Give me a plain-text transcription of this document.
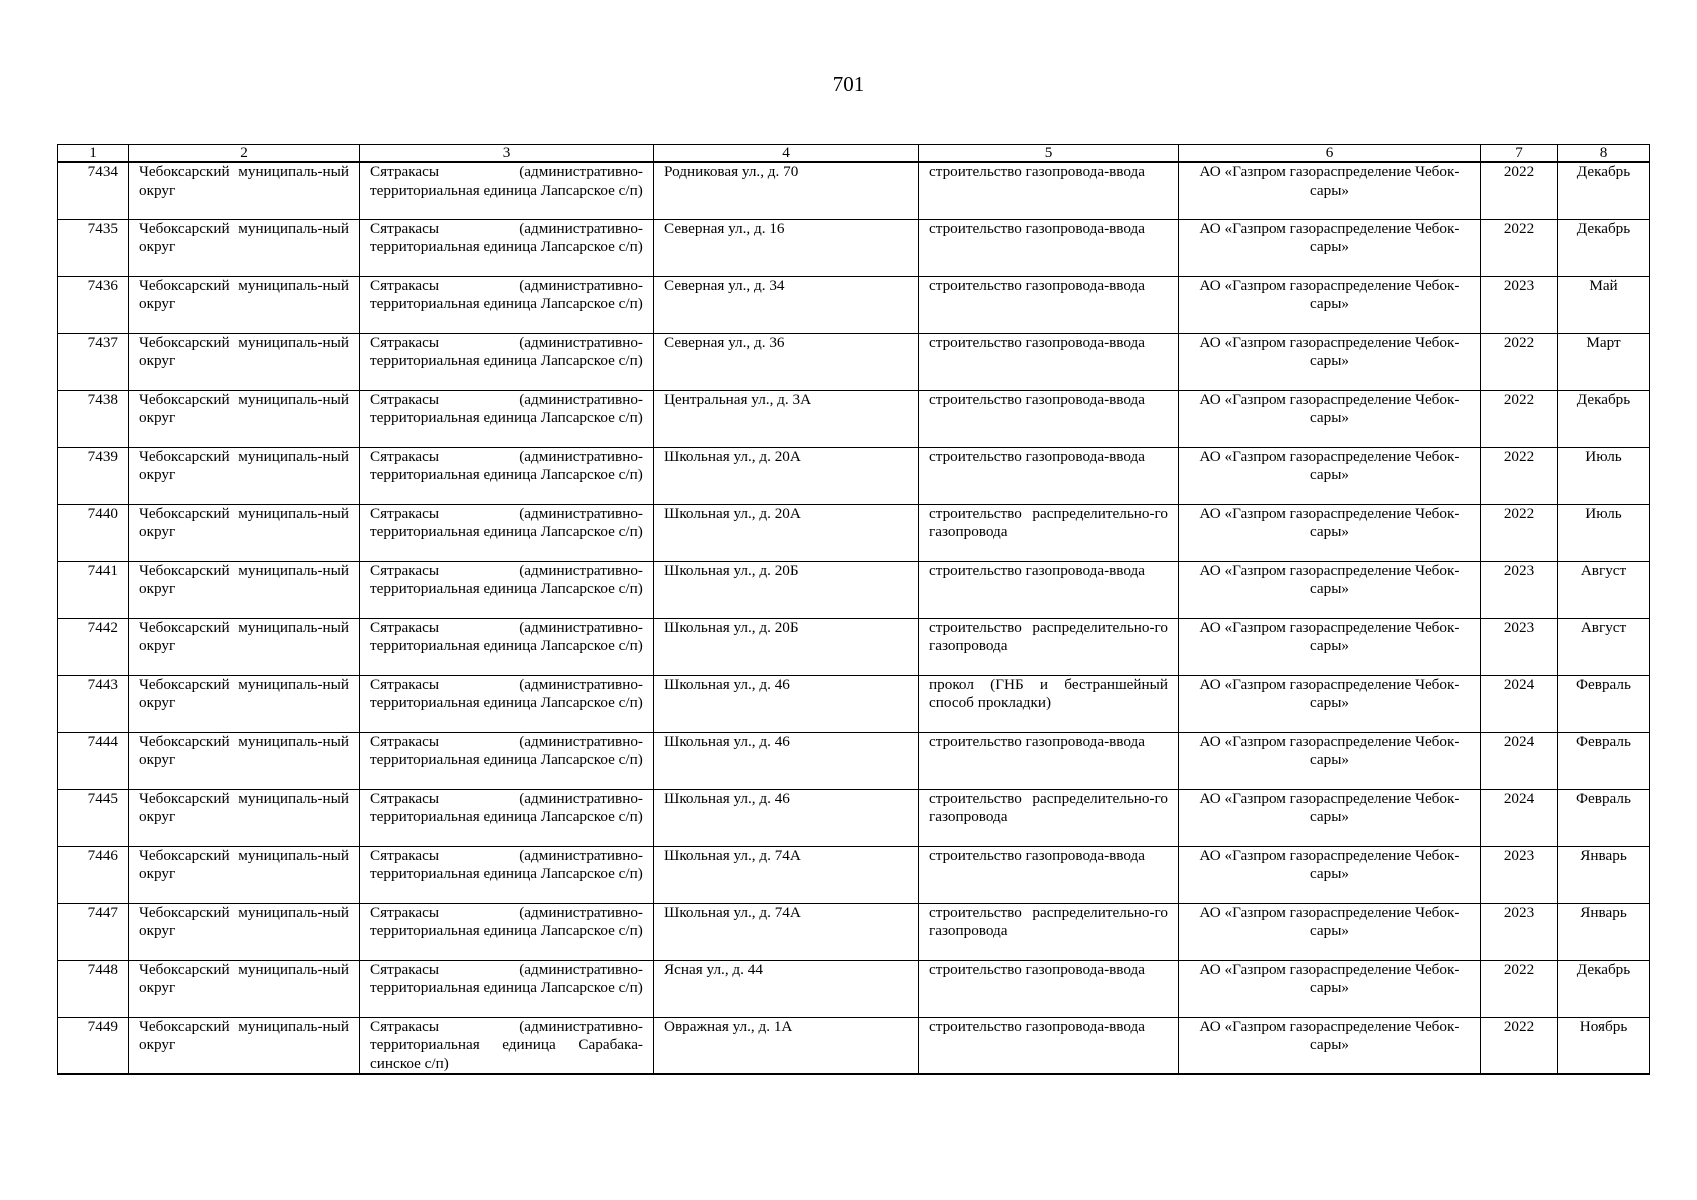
701
1	2	3	4	5	6	7	8
7434	Чебоксарский муниципаль-ный округ	Сятракасы (административно-территориальная единица Лапсарское с/п)	Родниковая ул., д. 70	строительство газопровода-ввода	АО «Газпром газораспределение Чебок-сары»	2022	Декабрь
7435	Чебоксарский муниципаль-ный округ	Сятракасы (административно-территориальная единица Лапсарское с/п)	Северная ул., д. 16	строительство газопровода-ввода	АО «Газпром газораспределение Чебок-сары»	2022	Декабрь
7436	Чебоксарский муниципаль-ный округ	Сятракасы (административно-территориальная единица Лапсарское с/п)	Северная ул., д. 34	строительство газопровода-ввода	АО «Газпром газораспределение Чебок-сары»	2023	Май
7437	Чебоксарский муниципаль-ный округ	Сятракасы (административно-территориальная единица Лапсарское с/п)	Северная ул., д. 36	строительство газопровода-ввода	АО «Газпром газораспределение Чебок-сары»	2022	Март
7438	Чебоксарский муниципаль-ный округ	Сятракасы (административно-территориальная единица Лапсарское с/п)	Центральная ул., д. 3А	строительство газопровода-ввода	АО «Газпром газораспределение Чебок-сары»	2022	Декабрь
7439	Чебоксарский муниципаль-ный округ	Сятракасы (административно-территориальная единица Лапсарское с/п)	Школьная ул., д. 20А	строительство газопровода-ввода	АО «Газпром газораспределение Чебок-сары»	2022	Июль
7440	Чебоксарский муниципаль-ный округ	Сятракасы (административно-территориальная единица Лапсарское с/п)	Школьная ул., д. 20А	строительство распределительно-го газопровода	АО «Газпром газораспределение Чебок-сары»	2022	Июль
7441	Чебоксарский муниципаль-ный округ	Сятракасы (административно-территориальная единица Лапсарское с/п)	Школьная ул., д. 20Б	строительство газопровода-ввода	АО «Газпром газораспределение Чебок-сары»	2023	Август
7442	Чебоксарский муниципаль-ный округ	Сятракасы (административно-территориальная единица Лапсарское с/п)	Школьная ул., д. 20Б	строительство распределительно-го газопровода	АО «Газпром газораспределение Чебок-сары»	2023	Август
7443	Чебоксарский муниципаль-ный округ	Сятракасы (административно-территориальная единица Лапсарское с/п)	Школьная ул., д. 46	прокол (ГНБ и бестраншейный способ прокладки)	АО «Газпром газораспределение Чебок-сары»	2024	Февраль
7444	Чебоксарский муниципаль-ный округ	Сятракасы (административно-территориальная единица Лапсарское с/п)	Школьная ул., д. 46	строительство газопровода-ввода	АО «Газпром газораспределение Чебок-сары»	2024	Февраль
7445	Чебоксарский муниципаль-ный округ	Сятракасы (административно-территориальная единица Лапсарское с/п)	Школьная ул., д. 46	строительство распределительно-го газопровода	АО «Газпром газораспределение Чебок-сары»	2024	Февраль
7446	Чебоксарский муниципаль-ный округ	Сятракасы (административно-территориальная единица Лапсарское с/п)	Школьная ул., д. 74А	строительство газопровода-ввода	АО «Газпром газораспределение Чебок-сары»	2023	Январь
7447	Чебоксарский муниципаль-ный округ	Сятракасы (административно-территориальная единица Лапсарское с/п)	Школьная ул., д. 74А	строительство распределительно-го газопровода	АО «Газпром газораспределение Чебок-сары»	2023	Январь
7448	Чебоксарский муниципаль-ный округ	Сятракасы (административно-территориальная единица Лапсарское с/п)	Ясная ул., д. 44	строительство газопровода-ввода	АО «Газпром газораспределение Чебок-сары»	2022	Декабрь
7449	Чебоксарский муниципаль-ный округ	Сятракасы (административно-территориальная единица Сарабака-синское с/п)	Овражная ул., д. 1А	строительство газопровода-ввода	АО «Газпром газораспределение Чебок-сары»	2022	Ноябрь
